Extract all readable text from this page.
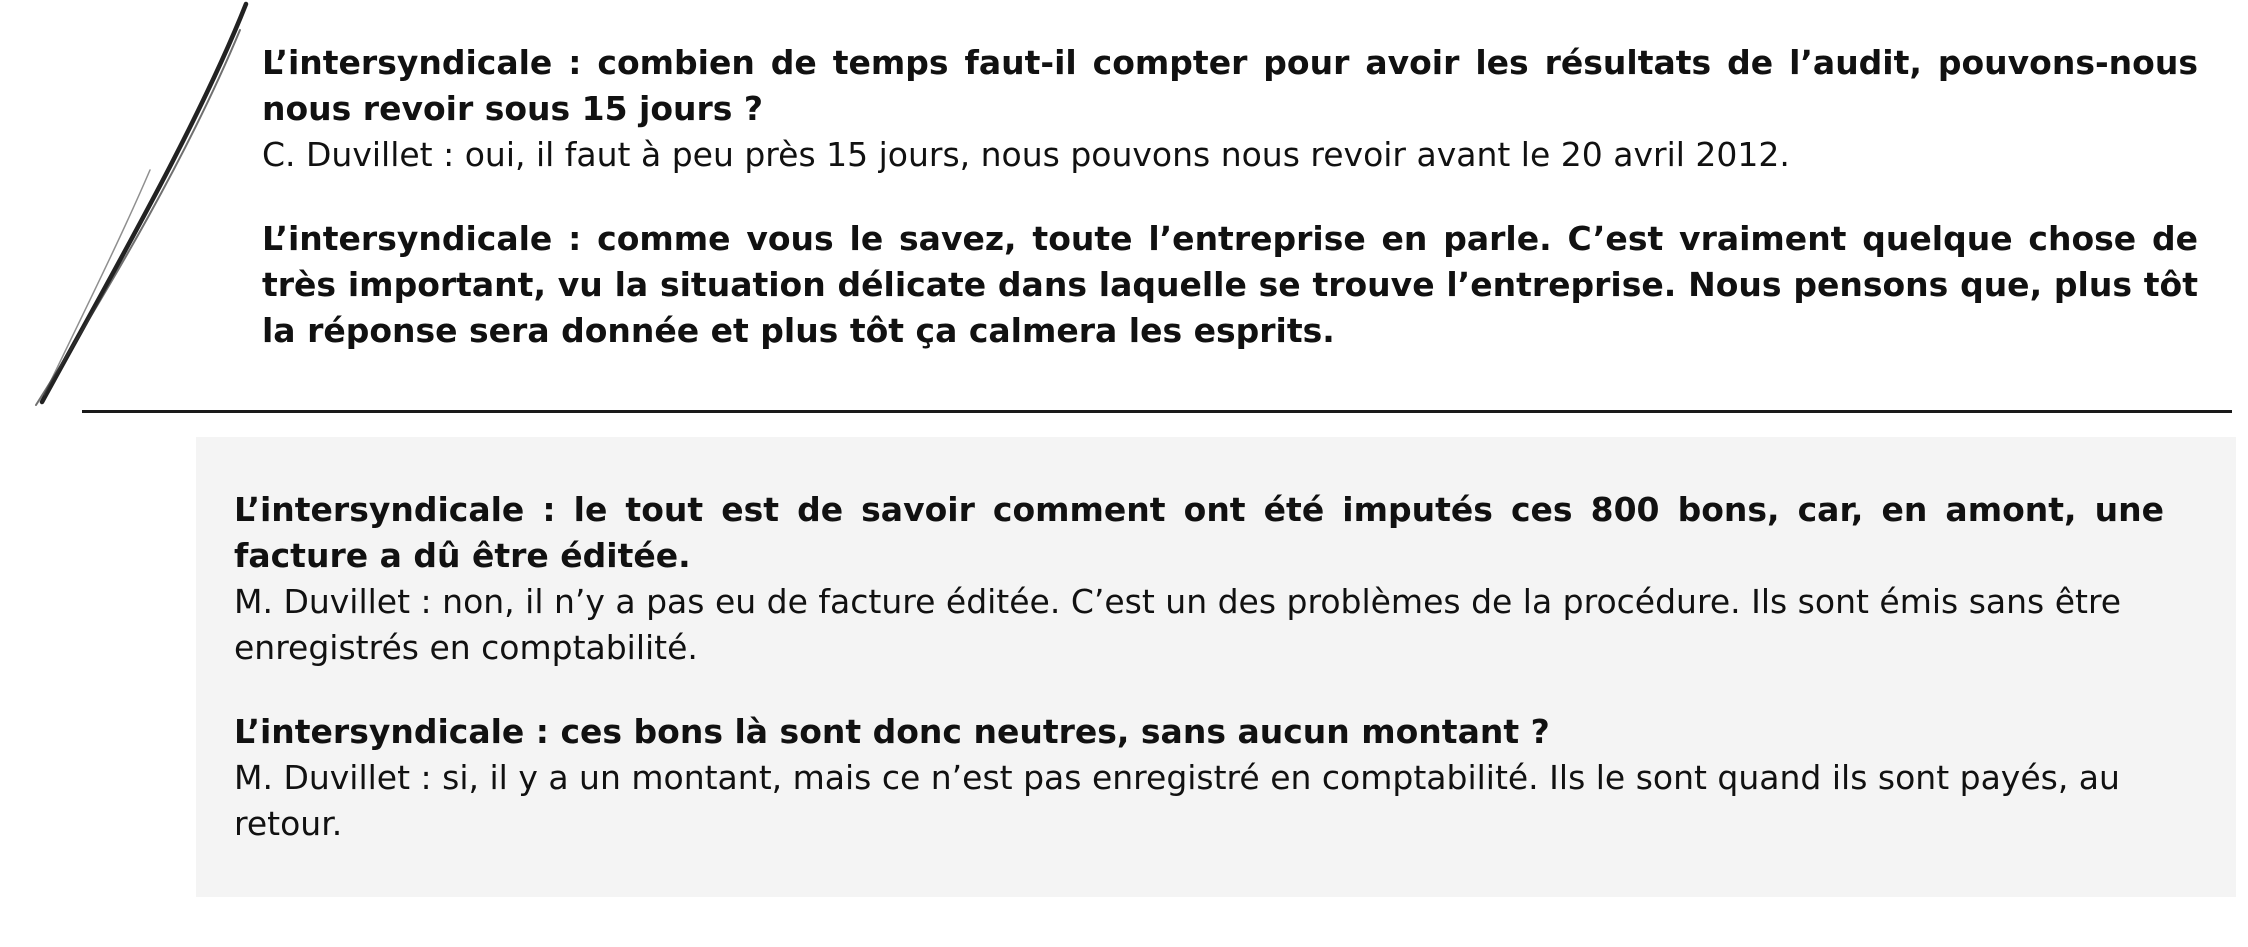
L’intersyndicale : combien de temps faut-il compter pour avoir les résultats de l’audit, pouvons-nous nous revoir sous 15 jours ?

C. Duvillet : oui, il faut à peu près 15 jours, nous pouvons nous revoir avant le 20 avril 2012.

L’intersyndicale : comme vous le savez, toute l’entreprise en parle. C’est vraiment quelque chose de très important, vu la situation délicate dans laquelle se trouve l’entreprise. Nous pensons que, plus tôt la réponse sera donnée et plus tôt ça calmera les esprits.

L’intersyndicale : le tout est de savoir comment ont été imputés ces 800 bons, car, en amont, une facture a dû être éditée.

M. Duvillet : non, il n’y a pas eu de facture éditée. C’est un des problèmes de la procédure. Ils sont émis sans être enregistrés en comptabilité.

L’intersyndicale : ces bons là sont donc neutres, sans aucun montant ?

M. Duvillet : si, il y a un montant, mais ce n’est pas enregistré en comptabilité. Ils le sont quand ils sont payés, au retour.
